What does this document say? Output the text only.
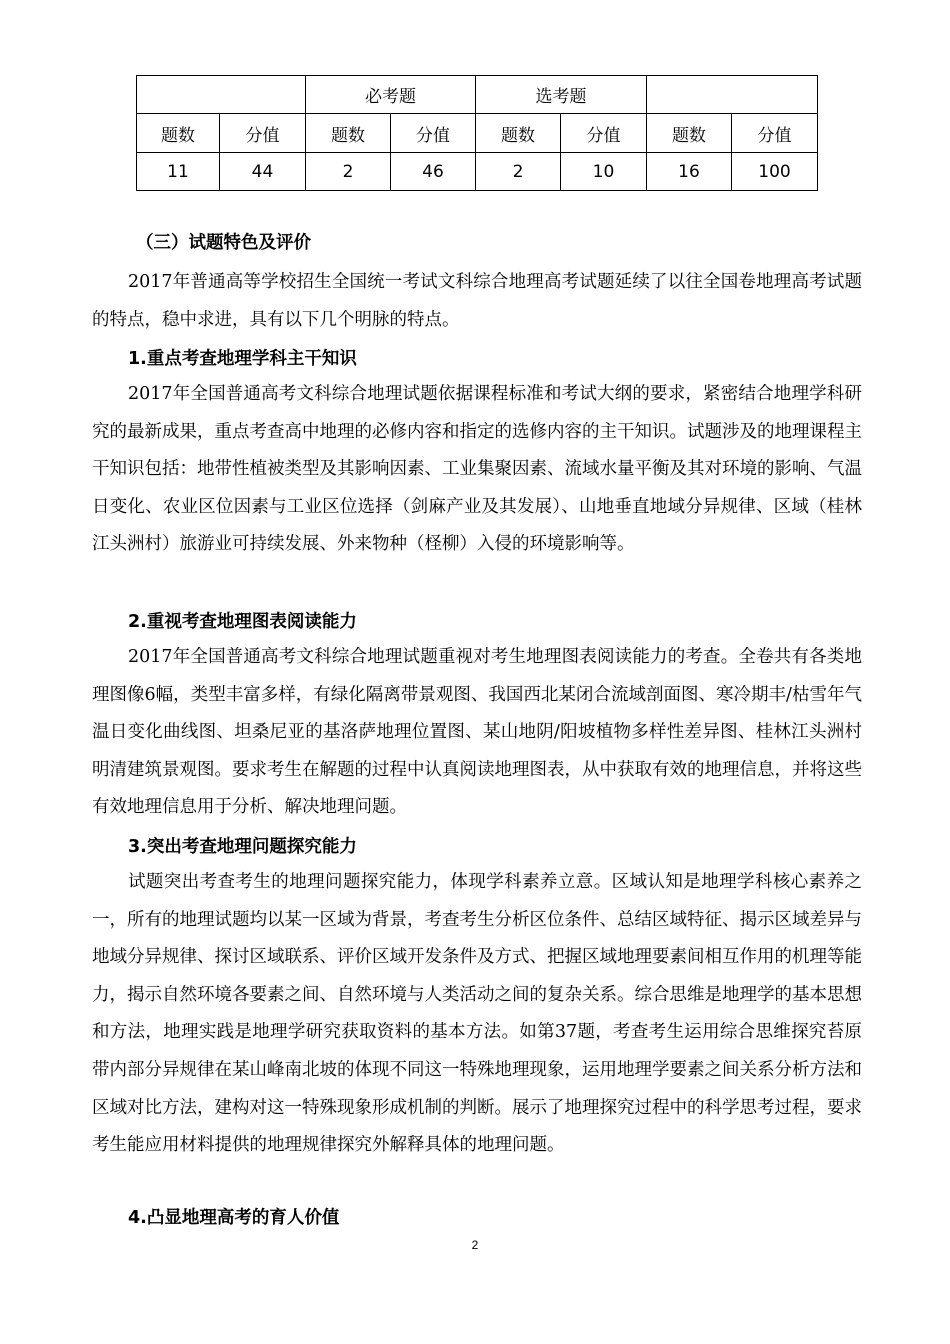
		必考题		选考题			
题数	分值	题数	分值	题数	分值	题数	分值
11	44	2	46	2	10	16	100
（三）试题特色及评价

2017年普通高等学校招生全国统一考试文科综合地理高考试题延续了以往全国卷地理高考试题的特点，稳中求进，具有以下几个明脉的特点。

1.重点考查地理学科主干知识

2017年全国普通高考文科综合地理试题依据课程标准和考试大纲的要求，紧密结合地理学科研究的最新成果，重点考查高中地理的必修内容和指定的选修内容的主干知识。试题涉及的地理课程主干知识包括：地带性植被类型及其影响因素、工业集聚因素、流域水量平衡及其对环境的影响、气温日变化、农业区位因素与工业区位选择（剑麻产业及其发展）、山地垂直地域分异规律、区域（桂林江头洲村）旅游业可持续发展、外来物种（柽柳）入侵的环境影响等。

2.重视考查地理图表阅读能力

2017年全国普通高考文科综合地理试题重视对考生地理图表阅读能力的考查。全卷共有各类地理图像6幅，类型丰富多样，有绿化隔离带景观图、我国西北某闭合流域剖面图、寒冷期丰/枯雪年气温日变化曲线图、坦桑尼亚的基洛萨地理位置图、某山地阴/阳坡植物多样性差异图、桂林江头洲村明清建筑景观图。要求考生在解题的过程中认真阅读地理图表，从中获取有效的地理信息，并将这些有效地理信息用于分析、解决地理问题。

3.突出考查地理问题探究能力

试题突出考查考生的地理问题探究能力，体现学科素养立意。区域认知是地理学科核心素养之一，所有的地理试题均以某一区域为背景，考查考生分析区位条件、总结区域特征、揭示区域差异与地域分异规律、探讨区域联系、评价区域开发条件及方式、把握区域地理要素间相互作用的机理等能力，揭示自然环境各要素之间、自然环境与人类活动之间的复杂关系。综合思维是地理学的基本思想和方法，地理实践是地理学研究获取资料的基本方法。如第37题，考查考生运用综合思维探究苔原带内部分异规律在某山峰南北坡的体现不同这一特殊地理现象，运用地理学要素之间关系分析方法和区域对比方法，建构对这一特殊现象形成机制的判断。展示了地理探究过程中的科学思考过程，要求考生能应用材料提供的地理规律探究外解释具体的地理问题。

4.凸显地理高考的育人价值
2
